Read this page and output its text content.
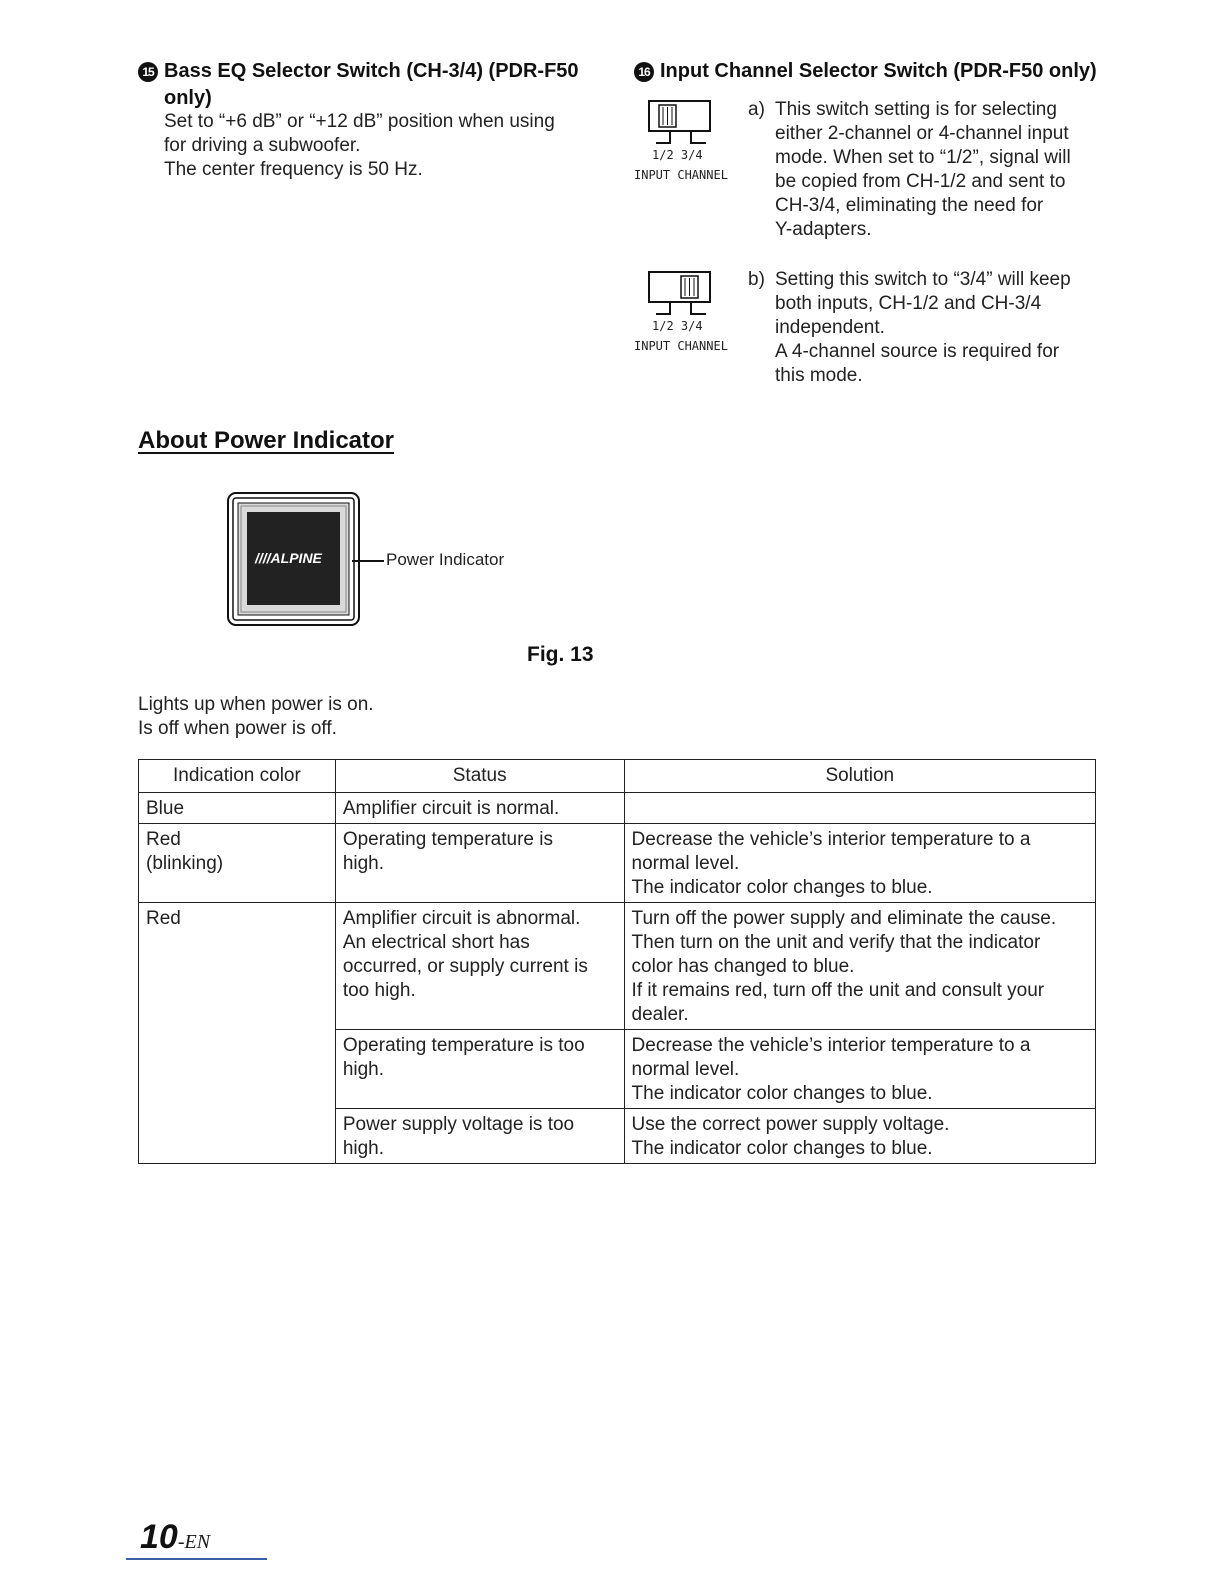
15 Bass EQ Selector Switch (CH-3/4) (PDR-F50
only)
Set to “+6 dB” or “+12 dB” position when using
for driving a subwoofer.
The center frequency is 50 Hz.
16 Input Channel Selector Switch (PDR-F50 only)
1/2 3/4
INPUT CHANNEL
a) This switch setting is for selecting
either 2-channel or 4-channel input
mode. When set to “1/2”, signal will
be copied from CH-1/2 and sent to
CH-3/4, eliminating the need for
Y-adapters.
1/2 3/4
INPUT CHANNEL
b) Setting this switch to “3/4” will keep
both inputs, CH-1/2 and CH-3/4
independent.
A 4-channel source is required for
this mode.
About Power Indicator
////ALPINE	Power Indicator
Fig. 13
Lights up when power is on.
Is off when power is off.
Indication color	Status	Solution

Blue	Amplifier circuit is normal.	

Red
(blinking)	Operating temperature is
high.	Decrease the vehicle’s interior temperature to a
normal level.
The indicator color changes to blue.

Red	Amplifier circuit is abnormal.
An electrical short has
occurred, or supply current is
too high.	Turn off the power supply and eliminate the cause.
Then turn on the unit and verify that the indicator
color has changed to blue.
If it remains red, turn off the unit and consult your
dealer.

	Operating temperature is too
high.	Decrease the vehicle’s interior temperature to a
normal level.
The indicator color changes to blue.

	Power supply voltage is too
high.	Use the correct power supply voltage.
The indicator color changes to blue.
10-EN
